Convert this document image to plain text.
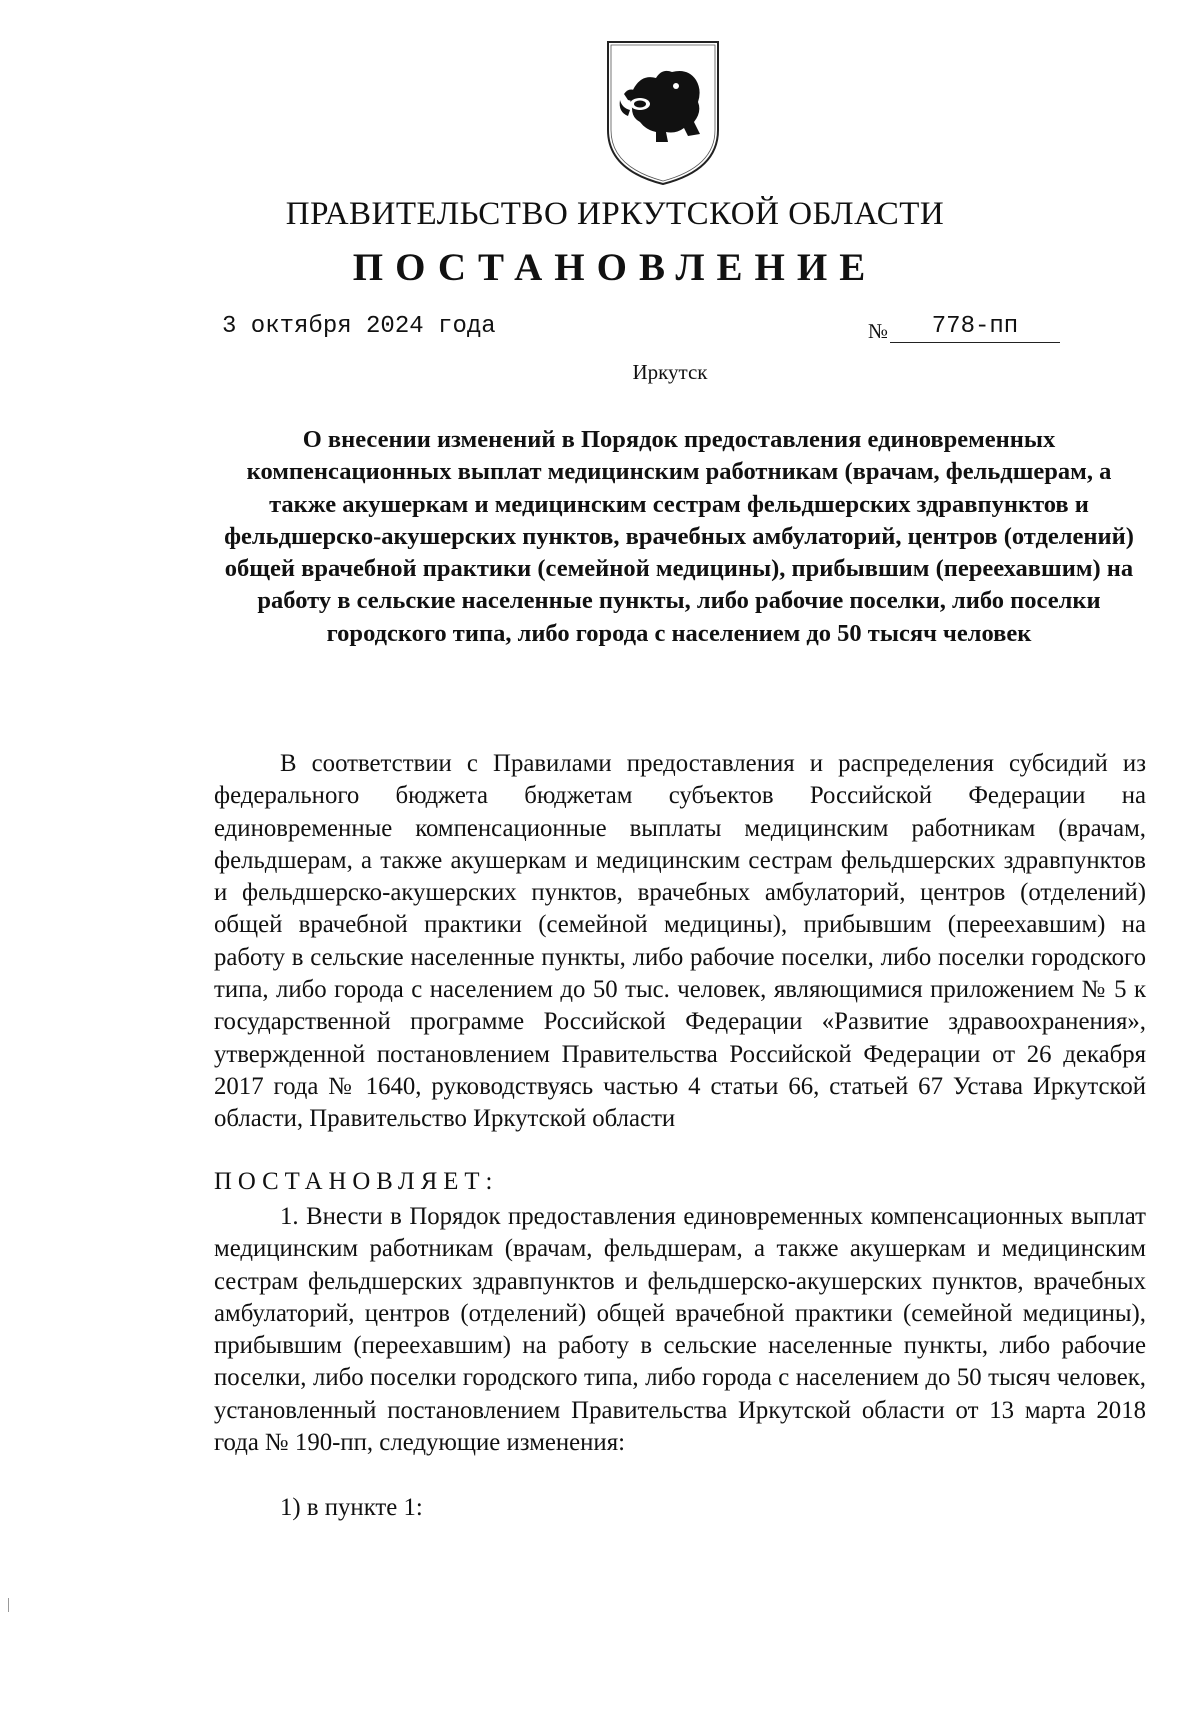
ПРАВИТЕЛЬСТВО ИРКУТСКОЙ ОБЛАСТИ
ПОСТАНОВЛЕНИЕ
3 октября 2024 года	№	778-пп
Иркутск
О внесении изменений в Порядок предоставления единовременных компенсационных выплат медицинским работникам (врачам, фельдшерам, а также акушеркам и медицинским сестрам фельдшерских здравпунктов и фельдшерско-акушерских пунктов, врачебных амбулаторий, центров (отделений) общей врачебной практики (семейной медицины), прибывшим (переехавшим) на работу в сельские населенные пункты, либо рабочие поселки, либо поселки городского типа, либо города с населением до 50 тысяч человек

В соответствии с Правилами предоставления и распределения субсидий из федерального бюджета бюджетам субъектов Российской Федерации на единовременные компенсационные выплаты медицинским работникам (врачам, фельдшерам, а также акушеркам и медицинским сестрам фельдшерских здравпунктов и фельдшерско-акушерских пунктов, врачебных амбулаторий, центров (отделений) общей врачебной практики (семейной медицины), прибывшим (переехавшим) на работу в сельские населенные пункты, либо рабочие поселки, либо поселки городского типа, либо города с населением до 50 тыс. человек, являющимися приложением № 5 к государственной программе Российской Федерации «Развитие здравоохранения», утвержденной постановлением Правительства Российской Федерации от 26 декабря 2017 года № 1640, руководствуясь частью 4 статьи 66, статьей 67 Устава Иркутской области, Правительство Иркутской области

ПОСТАНОВЛЯЕТ:

1. Внести в Порядок предоставления единовременных компенсационных выплат медицинским работникам (врачам, фельдшерам, а также акушеркам и медицинским сестрам фельдшерских здравпунктов и фельдшерско-акушерских пунктов, врачебных амбулаторий, центров (отделений) общей врачебной практики (семейной медицины), прибывшим (переехавшим) на работу в сельские населенные пункты, либо рабочие поселки, либо поселки городского типа, либо города с населением до 50 тысяч человек, установленный постановлением Правительства Иркутской области от 13 марта 2018 года № 190-пп, следующие изменения:

1) в пункте 1:
